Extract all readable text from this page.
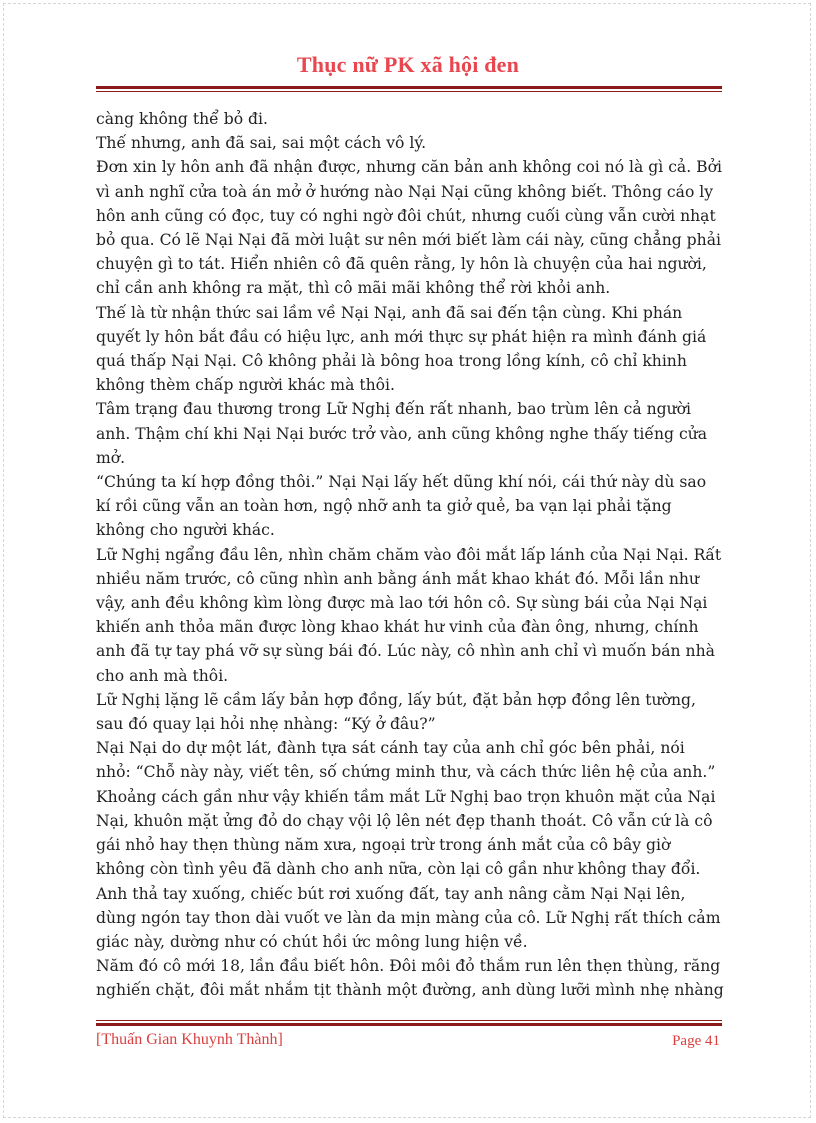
Thục nữ PK xã hội đen

càng không thể bỏ đi.

Thế nhưng, anh đã sai, sai một cách vô lý.

Đơn xin ly hôn anh đã nhận được, nhưng căn bản anh không coi nó là gì cả. Bởi vì anh nghĩ cửa toà án mở ở hướng nào Nại Nại cũng không biết. Thông cáo ly hôn anh cũng có đọc, tuy có nghi ngờ đôi chút, nhưng cuối cùng vẫn cười nhạt bỏ qua. Có lẽ Nại Nại đã mời luật sư nên mới biết làm cái này, cũng chẳng phải chuyện gì to tát. Hiển nhiên cô đã quên rằng, ly hôn là chuyện của hai người, chỉ cần anh không ra mặt, thì cô mãi mãi không thể rời khỏi anh.

Thế là từ nhận thức sai lầm về Nại Nại, anh đã sai đến tận cùng. Khi phán quyết ly hôn bắt đầu có hiệu lực, anh mới thực sự phát hiện ra mình đánh giá quá thấp Nại Nại. Cô không phải là bông hoa trong lồng kính, cô chỉ khinh không thèm chấp người khác mà thôi.

Tâm trạng đau thương trong Lữ Nghị đến rất nhanh, bao trùm lên cả người anh. Thậm chí khi Nại Nại bước trở vào, anh cũng không nghe thấy tiếng cửa mở.

“Chúng ta kí hợp đồng thôi.” Nại Nại lấy hết dũng khí nói, cái thứ này dù sao kí rồi cũng vẫn an toàn hơn, ngộ nhỡ anh ta giở quẻ, ba vạn lại phải tặng không cho người khác.

Lữ Nghị ngẩng đầu lên, nhìn chăm chăm vào đôi mắt lấp lánh của Nại Nại. Rất nhiều năm trước, cô cũng nhìn anh bằng ánh mắt khao khát đó. Mỗi lần như vậy, anh đều không kìm lòng được mà lao tới hôn cô. Sự sùng bái của Nại Nại khiến anh thỏa mãn được lòng khao khát hư vinh của đàn ông, nhưng, chính anh đã tự tay phá vỡ sự sùng bái đó. Lúc này, cô nhìn anh chỉ vì muốn bán nhà cho anh mà thôi.

Lữ Nghị lặng lẽ cầm lấy bản hợp đồng, lấy bút, đặt bản hợp đồng lên tường, sau đó quay lại hỏi nhẹ nhàng: “Ký ở đâu?”

Nại Nại do dự một lát, đành tựa sát cánh tay của anh chỉ góc bên phải, nói nhỏ: “Chỗ này này, viết tên, số chứng minh thư, và cách thức liên hệ của anh.”

Khoảng cách gần như vậy khiến tầm mắt Lữ Nghị bao trọn khuôn mặt của Nại Nại, khuôn mặt ửng đỏ do chạy vội lộ lên nét đẹp thanh thoát. Cô vẫn cứ là cô gái nhỏ hay thẹn thùng năm xưa, ngoại trừ trong ánh mắt của cô bây giờ không còn tình yêu đã dành cho anh nữa, còn lại cô gần như không thay đổi.

Anh thả tay xuống, chiếc bút rơi xuống đất, tay anh nâng cằm Nại Nại lên, dùng ngón tay thon dài vuốt ve làn da mịn màng của cô. Lữ Nghị rất thích cảm giác này, dường như có chút hồi ức mông lung hiện về.

Năm đó cô mới 18, lần đầu biết hôn. Đôi môi đỏ thắm run lên thẹn thùng, răng nghiến chặt, đôi mắt nhắm tịt thành một đường, anh dùng lưỡi mình nhẹ nhàng

[Thuấn Gian Khuynh Thành]	Page 41
